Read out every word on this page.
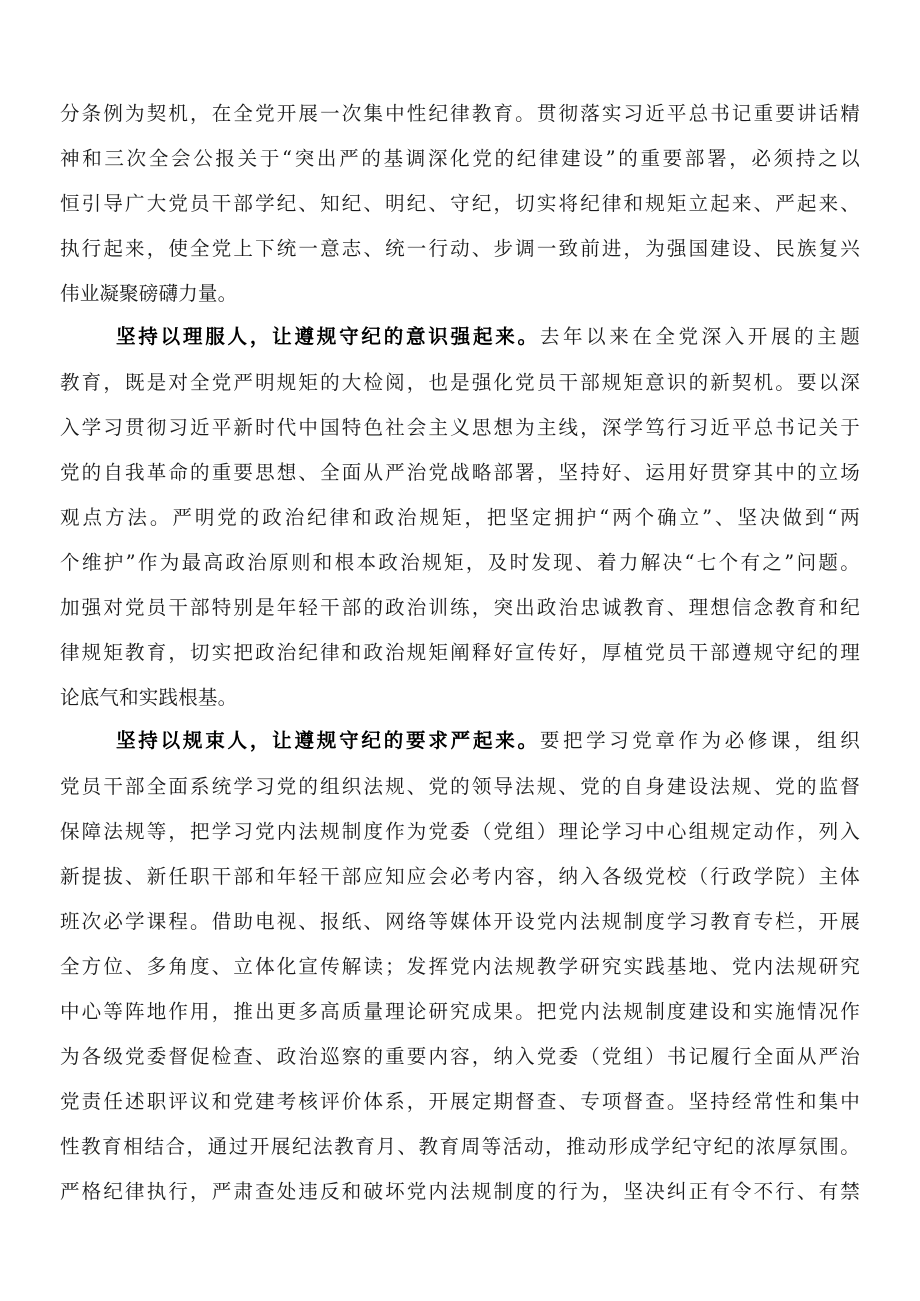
分条例为契机，在全党开展一次集中性纪律教育。贯彻落实习近平总书记重要讲话精
神和三次全会公报关于“突出严的基调深化党的纪律建设”的重要部署，必须持之以
恒引导广大党员干部学纪、知纪、明纪、守纪，切实将纪律和规矩立起来、严起来、
执行起来，使全党上下统一意志、统一行动、步调一致前进，为强国建设、民族复兴
伟业凝聚磅礴力量。
坚持以理服人，让遵规守纪的意识强起来。去年以来在全党深入开展的主题
教育，既是对全党严明规矩的大检阅，也是强化党员干部规矩意识的新契机。要以深
入学习贯彻习近平新时代中国特色社会主义思想为主线，深学笃行习近平总书记关于
党的自我革命的重要思想、全面从严治党战略部署，坚持好、运用好贯穿其中的立场
观点方法。严明党的政治纪律和政治规矩，把坚定拥护“两个确立”、坚决做到“两
个维护”作为最高政治原则和根本政治规矩，及时发现、着力解决“七个有之”问题。
加强对党员干部特别是年轻干部的政治训练，突出政治忠诚教育、理想信念教育和纪
律规矩教育，切实把政治纪律和政治规矩阐释好宣传好，厚植党员干部遵规守纪的理
论底气和实践根基。
坚持以规束人，让遵规守纪的要求严起来。要把学习党章作为必修课，组织
党员干部全面系统学习党的组织法规、党的领导法规、党的自身建设法规、党的监督
保障法规等，把学习党内法规制度作为党委（党组）理论学习中心组规定动作，列入
新提拔、新任职干部和年轻干部应知应会必考内容，纳入各级党校（行政学院）主体
班次必学课程。借助电视、报纸、网络等媒体开设党内法规制度学习教育专栏，开展
全方位、多角度、立体化宣传解读；发挥党内法规教学研究实践基地、党内法规研究
中心等阵地作用，推出更多高质量理论研究成果。把党内法规制度建设和实施情况作
为各级党委督促检查、政治巡察的重要内容，纳入党委（党组）书记履行全面从严治
党责任述职评议和党建考核评价体系，开展定期督查、专项督查。坚持经常性和集中
性教育相结合，通过开展纪法教育月、教育周等活动，推动形成学纪守纪的浓厚氛围。
严格纪律执行，严肃查处违反和破坏党内法规制度的行为，坚决纠正有令不行、有禁
